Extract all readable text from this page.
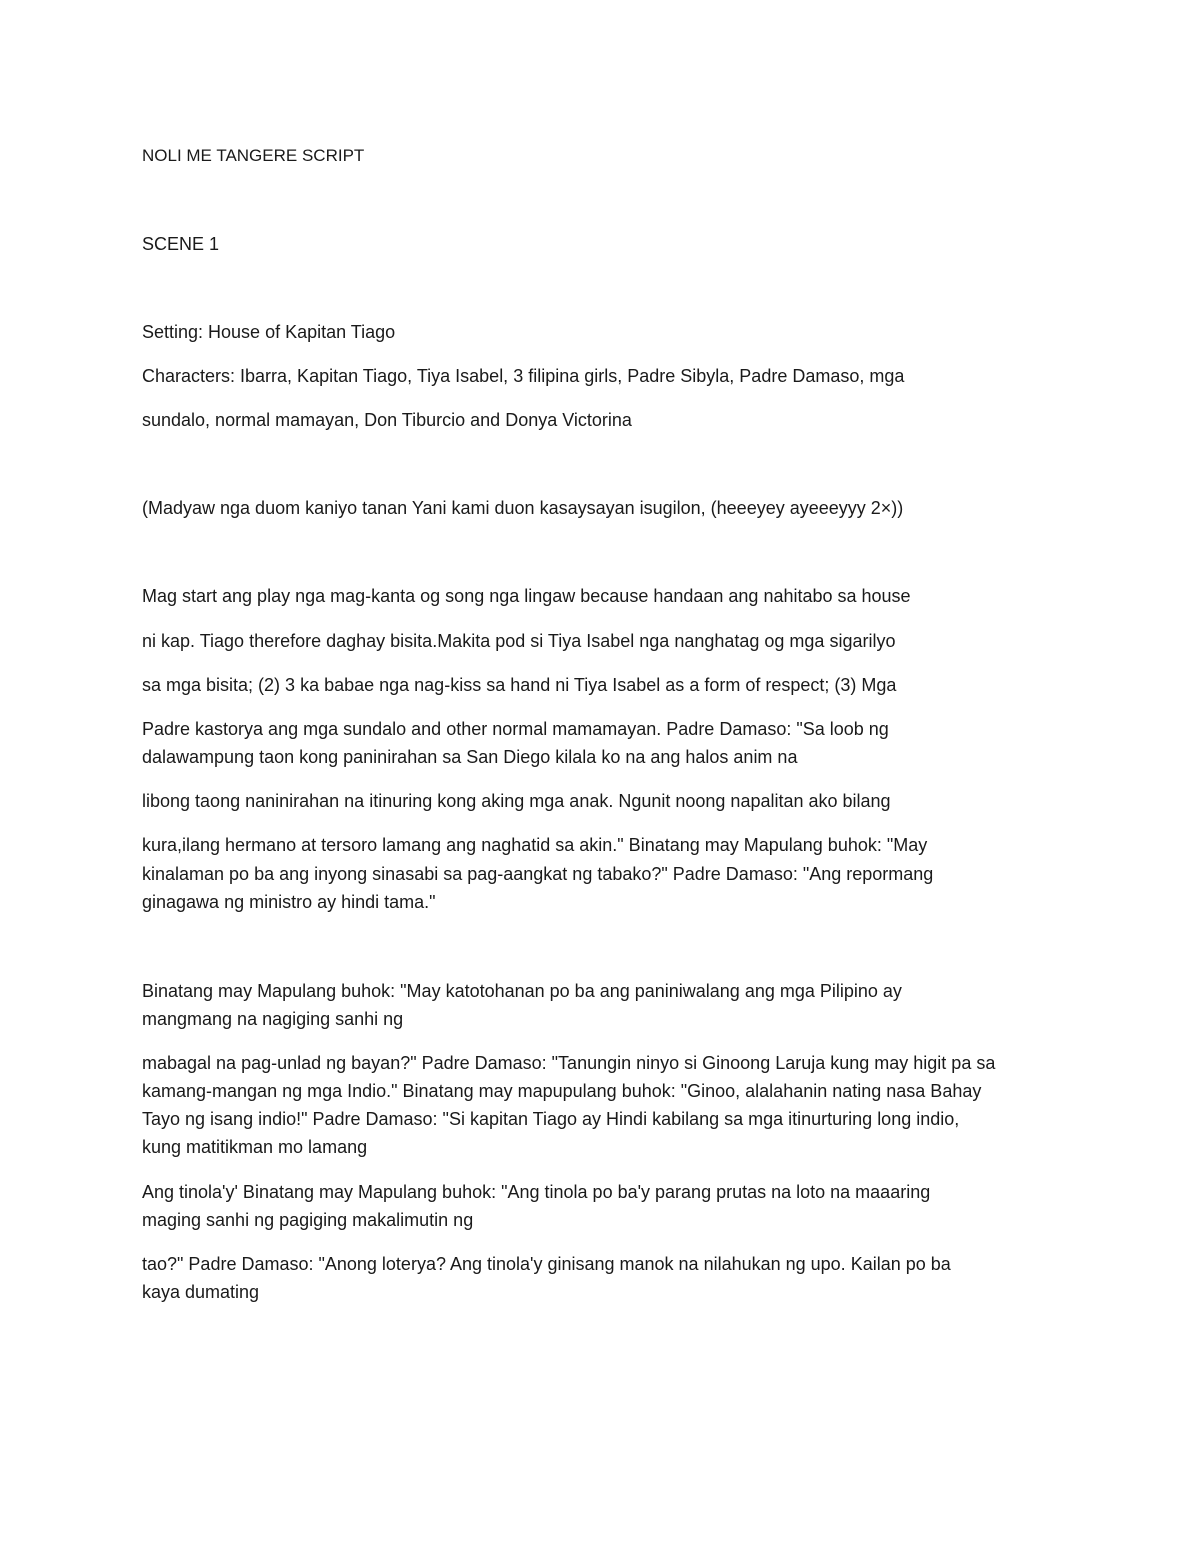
NOLI ME TANGERE SCRIPT

SCENE 1

Setting: House of Kapitan Tiago

Characters: Ibarra, Kapitan Tiago, Tiya Isabel, 3 filipina girls, Padre Sibyla, Padre Damaso, mga

sundalo, normal mamayan, Don Tiburcio and Donya Victorina

(Madyaw nga duom kaniyo tanan Yani kami duon kasaysayan isugilon, (heeeyey ayeeeyyy 2×))

Mag start ang play nga mag-kanta og song nga lingaw because handaan ang nahitabo sa house

ni kap. Tiago therefore daghay bisita.Makita pod si Tiya Isabel nga nanghatag og mga sigarilyo

sa mga bisita; (2) 3 ka babae nga nag-kiss sa hand ni Tiya Isabel as a form of respect; (3) Mga

Padre kastorya ang mga sundalo and other normal mamamayan. Padre Damaso: "Sa loob ng

dalawampung taon kong paninirahan sa San Diego kilala ko na ang halos anim na

libong taong naninirahan na itinuring kong aking mga anak. Ngunit noong napalitan ako bilang

kura,ilang hermano at tersoro lamang ang naghatid sa akin." Binatang may Mapulang buhok: "May

kinalaman po ba ang inyong sinasabi sa pag-aangkat ng tabako?" Padre Damaso: "Ang repormang

ginagawa ng ministro ay hindi tama."

Binatang may Mapulang buhok: "May katotohanan po ba ang paniniwalang ang mga Pilipino ay

mangmang na nagiging sanhi ng

mabagal na pag-unlad ng bayan?" Padre Damaso: "Tanungin ninyo si Ginoong Laruja kung may higit pa sa

kamang-mangan ng mga Indio." Binatang may mapupulang buhok: "Ginoo, alalahanin nating nasa Bahay

Tayo ng isang indio!" Padre Damaso: "Si kapitan Tiago ay Hindi kabilang sa mga itinurturing long indio,

kung matitikman mo lamang

Ang tinola'y' Binatang may Mapulang buhok: "Ang tinola po ba'y parang prutas na loto na maaaring

maging sanhi ng pagiging makalimutin ng

tao?" Padre Damaso: "Anong loterya? Ang tinola'y ginisang manok na nilahukan ng upo. Kailan po ba

kaya dumating
